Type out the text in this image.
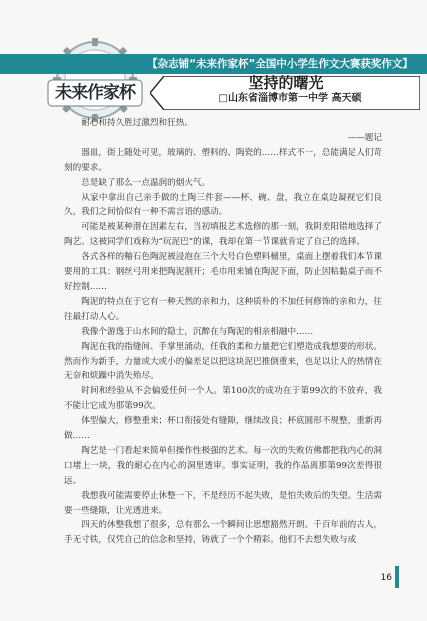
未来作家杯
【杂志铺“未来作家杯”全国中小学生作文大赛获奖作文】
坚持的曙光
□山东省淄博市第一中学 高天硕

耐心和持久胜过激烈和狂热。

——题记

器皿，街上随处可见，玻璃的、塑料的、陶瓷的……样式不一，总能满足人们苛刻的要求。

总是缺了那么一点温润的烟火气。

从家中拿出自己亲手做的土陶三件套——杯、碗、盘，我立在桌边凝视它们良久，我们之间恰似有一种不需言语的感动。

可能是被某种潜在因素左右，当初填报艺术选修的那一刻，我阴差阳错地选择了陶艺。这被同学们戏称为“玩泥巴”的课，我却在第一节课就肯定了自己的选择。

各式各样的釉石色陶泥被浸泡在三个大号白色塑料桶里，桌面上摆着我们本节课要用的工具：钢丝弓用来把陶泥割开；毛巾用来铺在陶泥下面，防止因粘黏桌子而不好控制……

陶泥的特点在于它有一种天然的亲和力，这种质朴的不加任何修饰的亲和力，往往最打动人心。

我像个游逸于山水间的隐士，沉醉在与陶泥的相亲相融中……

陶泥在我的指缝间、手掌里涌动，任我的柔和力量把它们塑造成我想要的形状。然而作为新手，力量或大或小的偏差足以把这块泥巴推倒重来，也足以让人的热情在无奈和烦躁中消失殆尽。

时间和经验从不会偏爱任何一个人。第100次的成功在于第99次的不放弃，我不能让它成为那第99次。

体型偏大，修整重来；杯口衔接处有缝隙，继续改良；杯底圆形不规整，重新再做……

陶艺是一门看起来简单但操作性极强的艺术。每一次的失败仿佛都把我内心的洞口堵上一块，我的耐心在内心的洞里透审。事实证明，我的作品离那第99次差得很远。

我想我可能需要停止休整一下，不是经历不起失败，是怕失败后的失望。生活需要一些缝隙，让光透进来。

四天的休整我想了很多，总有那么一个瞬间让思想豁然开朗。千百年前的古人，手无寸铁，仅凭自己的信念和坚持，铸就了一个个精彩。他们不去想失败与成

16
